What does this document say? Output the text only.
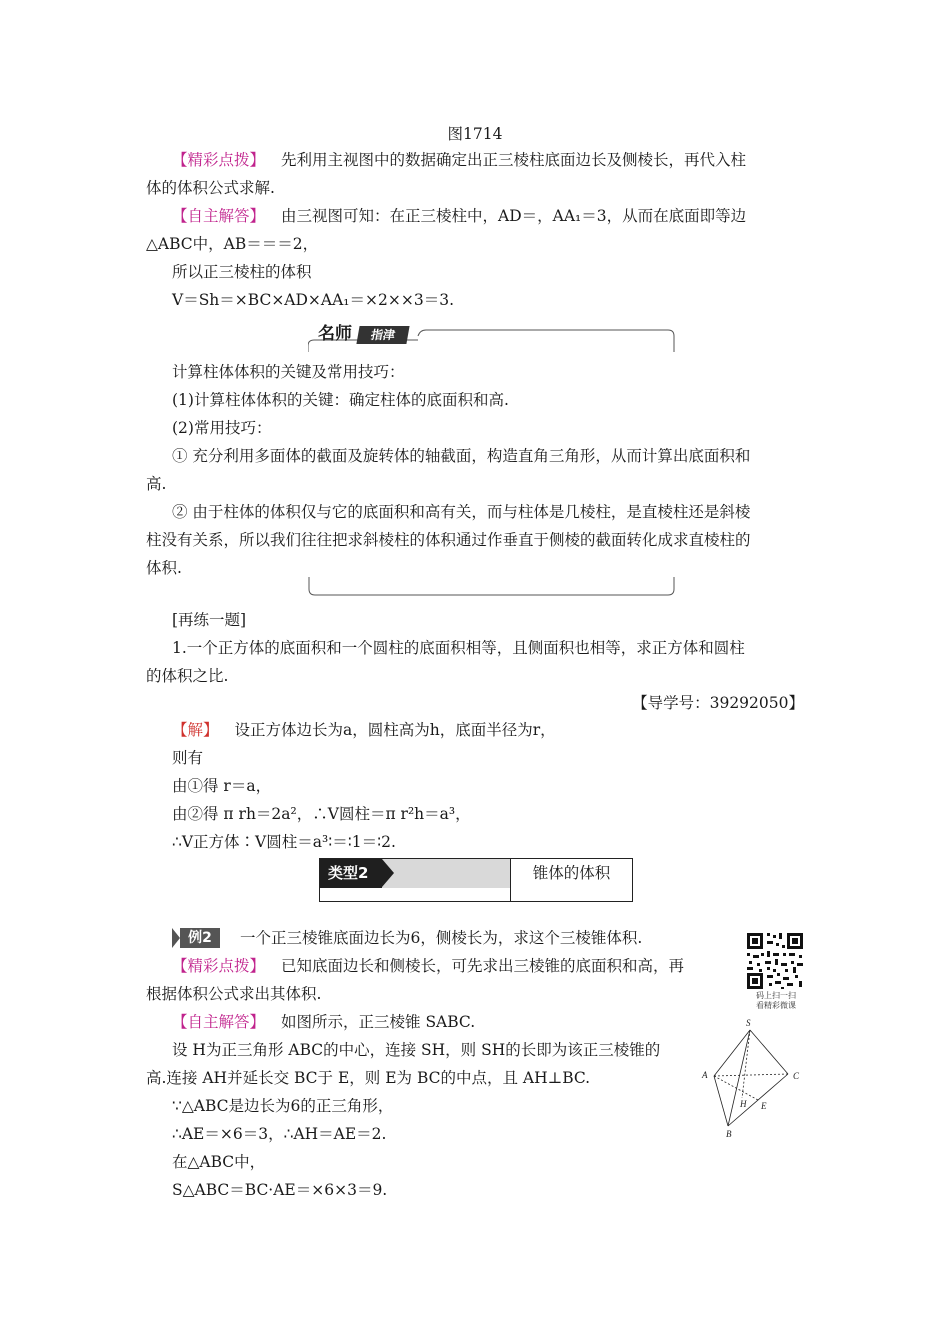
图1714
【精彩点拨】 先利用主视图中的数据确定出正三棱柱底面边长及侧棱长，再代入柱
体的体积公式求解.
【自主解答】 由三视图可知：在正三棱柱中，AD＝，AA₁＝3，从而在底面即等边
△ABC中，AB＝＝＝2，
所以正三棱柱的体积
V＝Sh＝×BC×AD×AA₁＝×2××3＝3.
名师	指津
计算柱体体积的关键及常用技巧：
(1)计算柱体体积的关键：确定柱体的底面积和高.
(2)常用技巧：
① 充分利用多面体的截面及旋转体的轴截面，构造直角三角形，从而计算出底面积和
高.
② 由于柱体的体积仅与它的底面积和高有关，而与柱体是几棱柱，是直棱柱还是斜棱
柱没有关系，所以我们往往把求斜棱柱的体积通过作垂直于侧棱的截面转化成求直棱柱的
体积.
[再练一题]
1.一个正方体的底面积和一个圆柱的底面积相等，且侧面积也相等，求正方体和圆柱
的体积之比.
【导学号：39292050】
【解】 设正方体边长为a，圆柱高为h，底面半径为r，
则有
由①得 r＝a，
由②得 π rh＝2a²，∴V圆柱＝π r²h＝a³，
∴V正方体∶V圆柱＝a³∶＝∶1＝∶2.
类型2	锥体的体积
例2	一个正三棱锥底面边长为6，侧棱长为，求这个三棱锥体积.
【精彩点拨】 已知底面边长和侧棱长，可先求出三棱锥的底面积和高，再
根据体积公式求出其体积.
【自主解答】 如图所示，正三棱锥 SABC.
设 H为正三角形 ABC的中心，连接 SH，则 SH的长即为该正三棱锥的
高.连接 AH并延长交 BC于 E，则 E为 BC的中点，且 AH⊥BC.
∵△ABC是边长为6的正三角形，
∴AE＝×6＝3，∴AH＝AE＝2.
在△ABC中，
S△ABC＝BC·AE＝×6×3＝9.
码上扫一扫
看精彩微课
S
A	C
H E
B
